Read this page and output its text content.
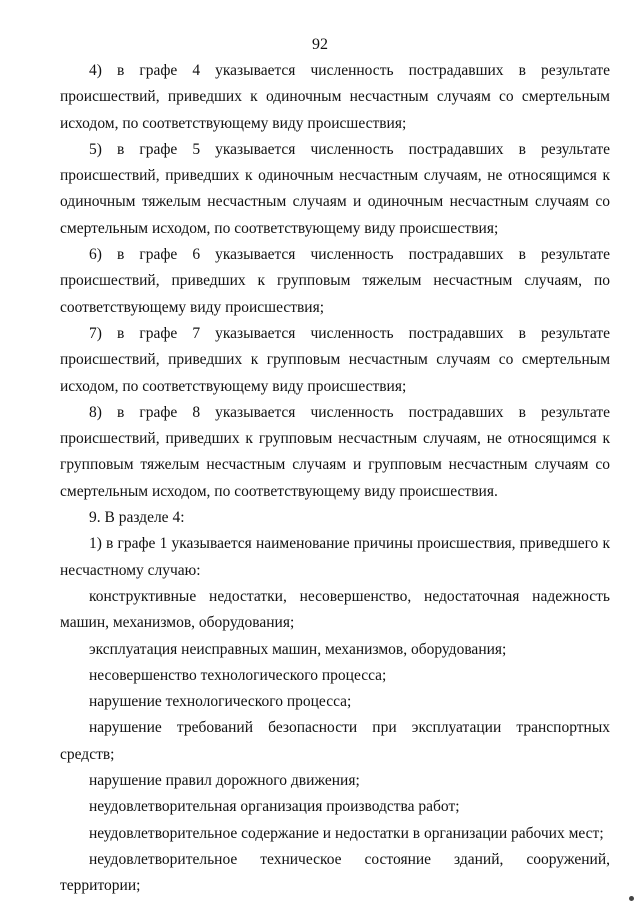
92

4) в графе 4 указывается численность пострадавших в результате происшествий, приведших к одиночным несчастным случаям со смертельным исходом, по соответствующему виду происшествия;

5) в графе 5 указывается численность пострадавших в результате происшествий, приведших к одиночным несчастным случаям, не относящимся к одиночным тяжелым несчастным случаям и одиночным несчастным случаям со смертельным исходом, по соответствующему виду происшествия;

6) в графе 6 указывается численность пострадавших в результате происшествий, приведших к групповым тяжелым несчастным случаям, по соответствующему виду происшествия;

7) в графе 7 указывается численность пострадавших в результате происшествий, приведших к групповым несчастным случаям со смертельным исходом, по соответствующему виду происшествия;

8) в графе 8 указывается численность пострадавших в результате происшествий, приведших к групповым несчастным случаям, не относящимся к групповым тяжелым несчастным случаям и групповым несчастным случаям со смертельным исходом, по соответствующему виду происшествия.

9. В разделе 4:

1) в графе 1 указывается наименование причины происшествия, приведшего к несчастному случаю:

конструктивные недостатки, несовершенство, недостаточная надежность машин, механизмов, оборудования;

эксплуатация неисправных машин, механизмов, оборудования;

несовершенство технологического процесса;

нарушение технологического процесса;

нарушение требований безопасности при эксплуатации транспортных средств;

нарушение правил дорожного движения;

неудовлетворительная организация производства работ;

неудовлетворительное содержание и недостатки в организации рабочих мест;

неудовлетворительное техническое состояние зданий, сооружений, территории;
